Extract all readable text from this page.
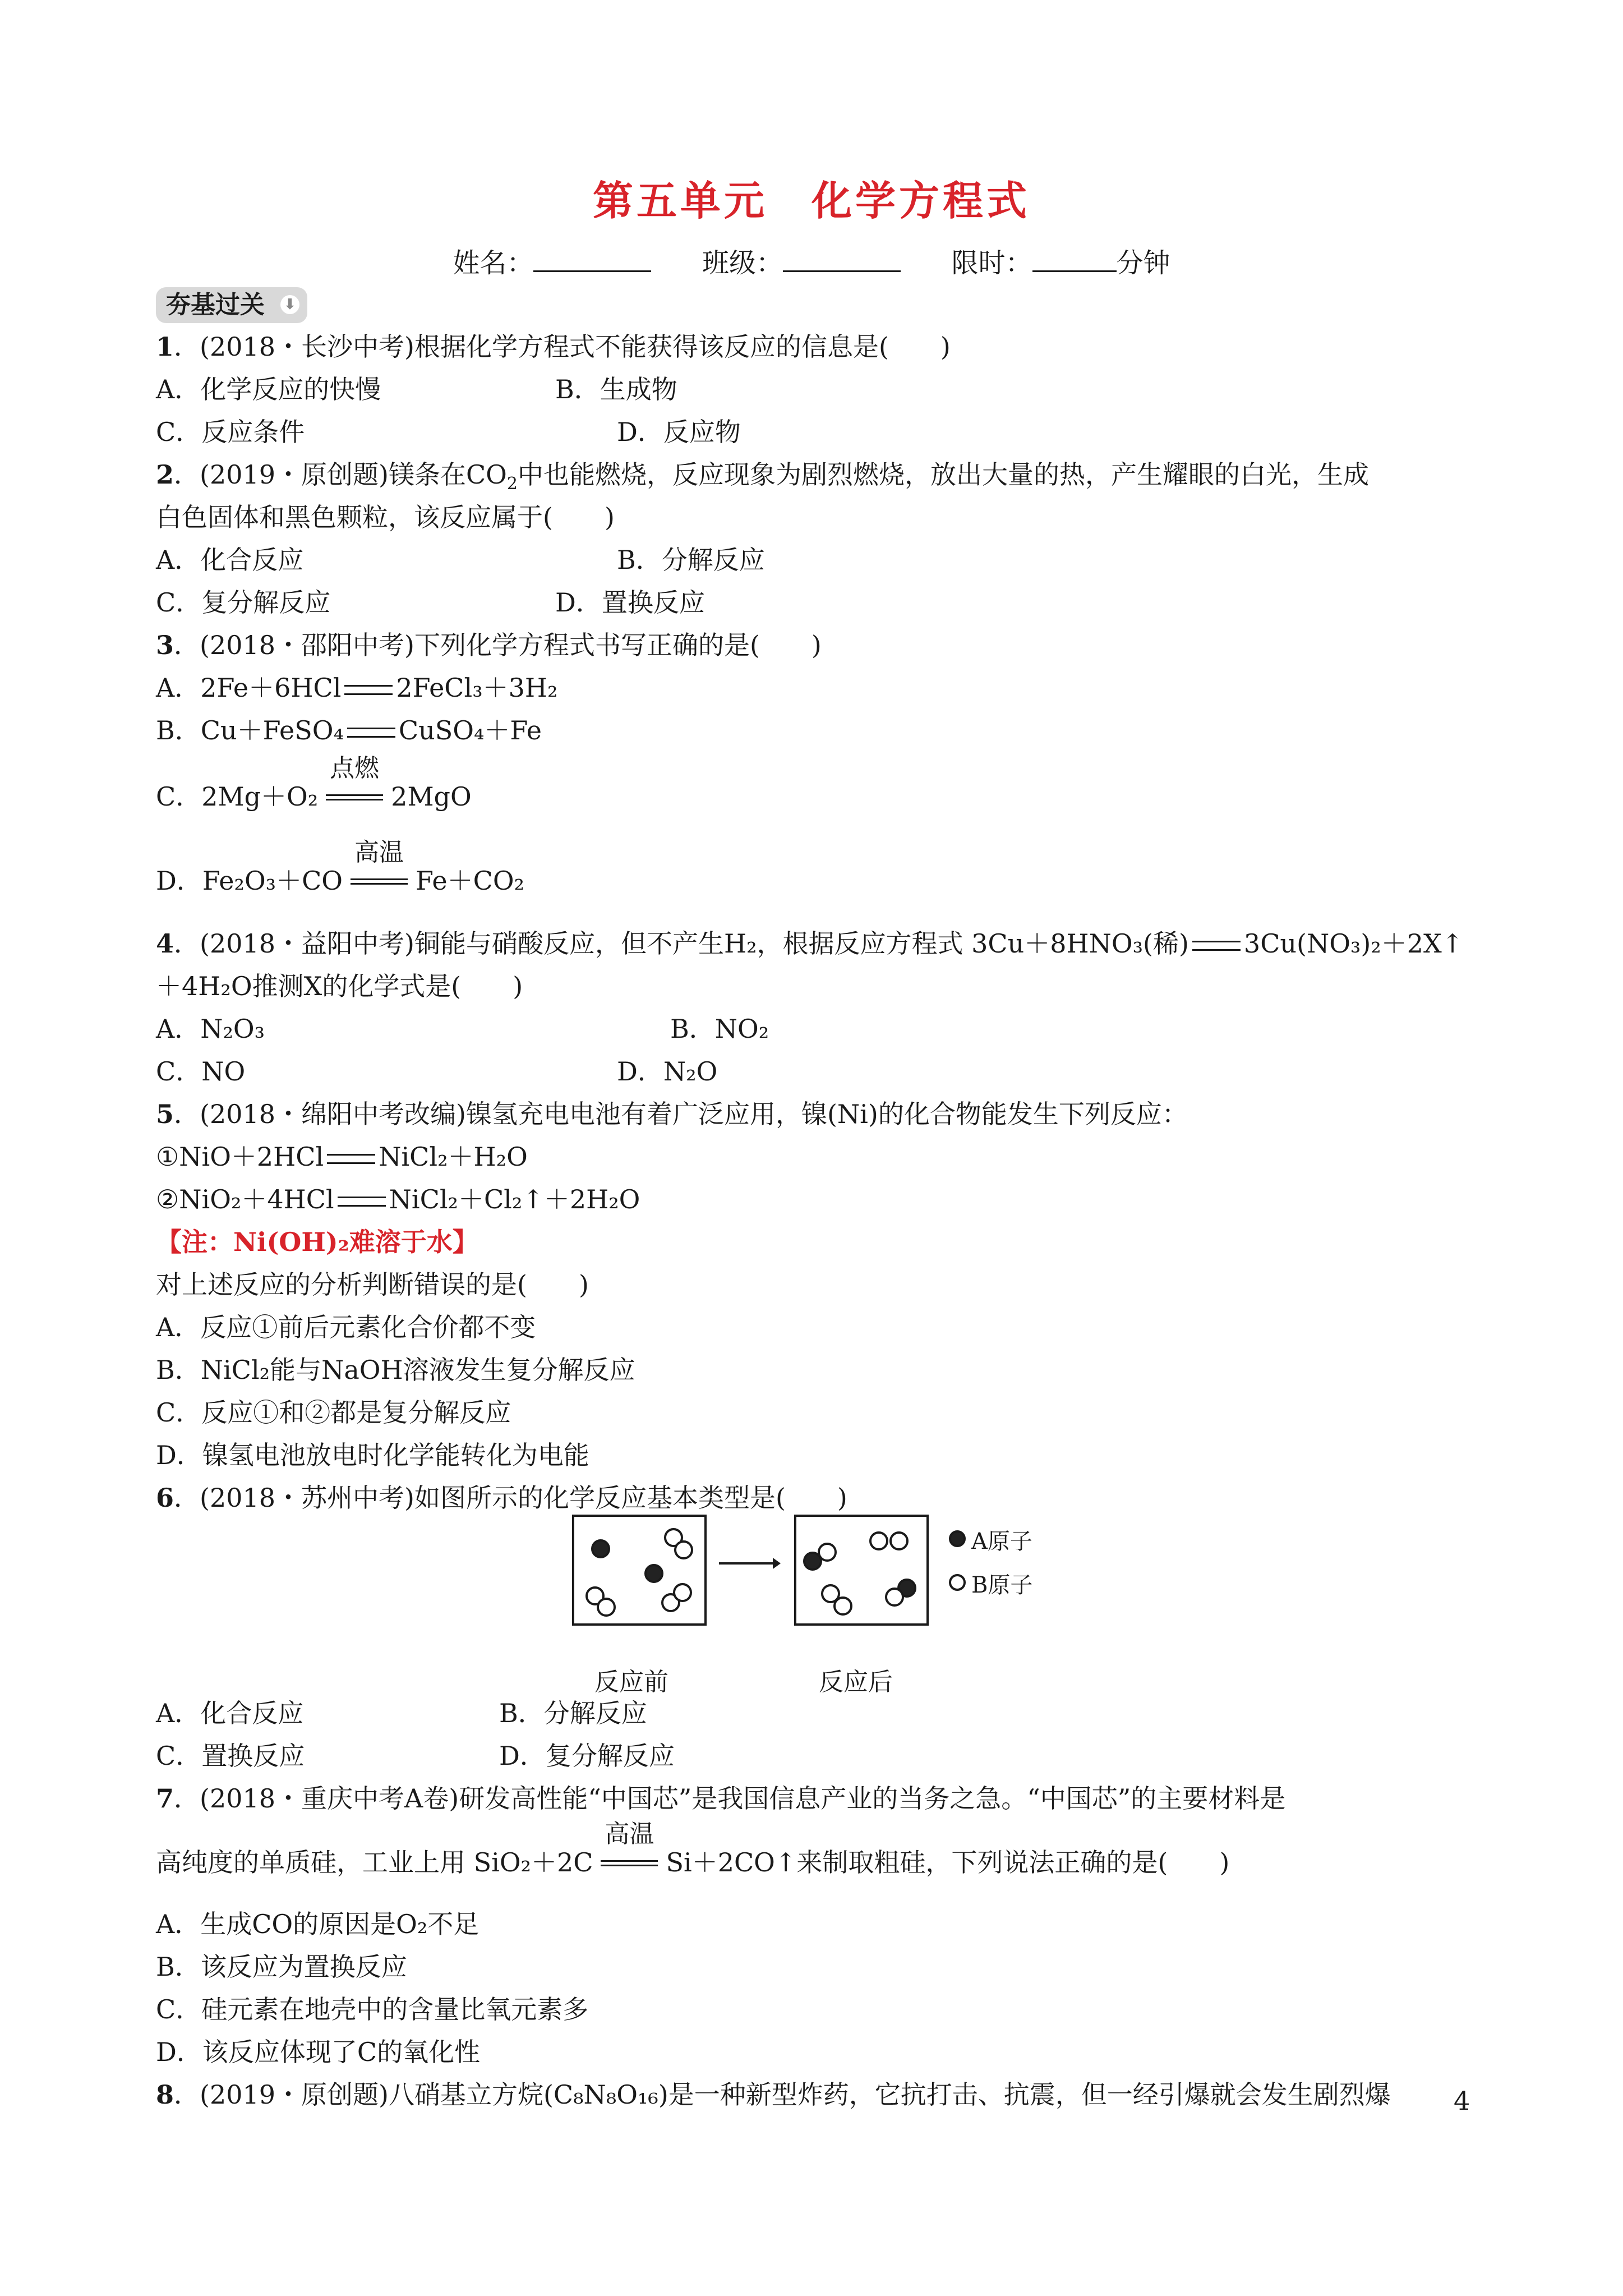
第五单元　化学方程式
姓名：	班级：	限时：	分钟
夯基过关 ⬇
1．(2018・长沙中考)根据化学方程式不能获得该反应的信息是(　　)
A．化学反应的快慢	B．生成物
C．反应条件	D．反应物
2．(2019・原创题)镁条在$CO_2$中也能燃烧，反应现象为剧烈燃烧，放出大量的热，产生耀眼的白光，生成
白色固体和黑色颗粒，该反应属于(　　)
A．化合反应	B．分解反应
C．复分解反应	D．置换反应
3．(2018・邵阳中考)下列化学方程式书写正确的是(　　)
A．2Fe＋6HCl 2FeCl₃＋3H₂
B．Cu＋FeSO₄ CuSO₄＋Fe
C．2Mg＋O₂
点燃
2MgO
D．Fe₂O₃＋CO
高温
Fe＋CO₂
4．(2018・益阳中考)铜能与硝酸反应，但不产生H₂，根据反应方程式 3Cu＋8HNO₃(稀) 3Cu(NO₃)₂＋2X↑
＋4H₂O推测X的化学式是(　　)
A．N₂O₃	B．NO₂
C．NO	D．N₂O
5．(2018・绵阳中考改编)镍氢充电电池有着广泛应用，镍(Ni)的化合物能发生下列反应：
①NiO＋2HCl NiCl₂＋H₂O
②NiO₂＋4HCl NiCl₂＋Cl₂↑＋2H₂O
【注：Ni(OH)₂难溶于水】
对上述反应的分析判断错误的是(　　)
A．反应①前后元素化合价都不变
B．NiCl₂能与NaOH溶液发生复分解反应
C．反应①和②都是复分解反应
D．镍氢电池放电时化学能转化为电能
6．(2018・苏州中考)如图所示的化学反应基本类型是(　　)
A原子
B原子
反应前	反应后
A．化合反应	B．分解反应
C．置换反应	D．复分解反应
7．(2018・重庆中考A卷)研发高性能“中国芯”是我国信息产业的当务之急。“中国芯”的主要材料是
高纯度的单质硅，工业上用 SiO₂＋2C
高温
Si＋2CO↑来制取粗硅，下列说法正确的是(　　)
A．生成CO的原因是O₂不足
B．该反应为置换反应
C．硅元素在地壳中的含量比氧元素多
D．该反应体现了C的氧化性
8．(2019・原创题)八硝基立方烷(C₈N₈O₁₆)是一种新型炸药，它抗打击、抗震，但一经引爆就会发生剧烈爆 4
